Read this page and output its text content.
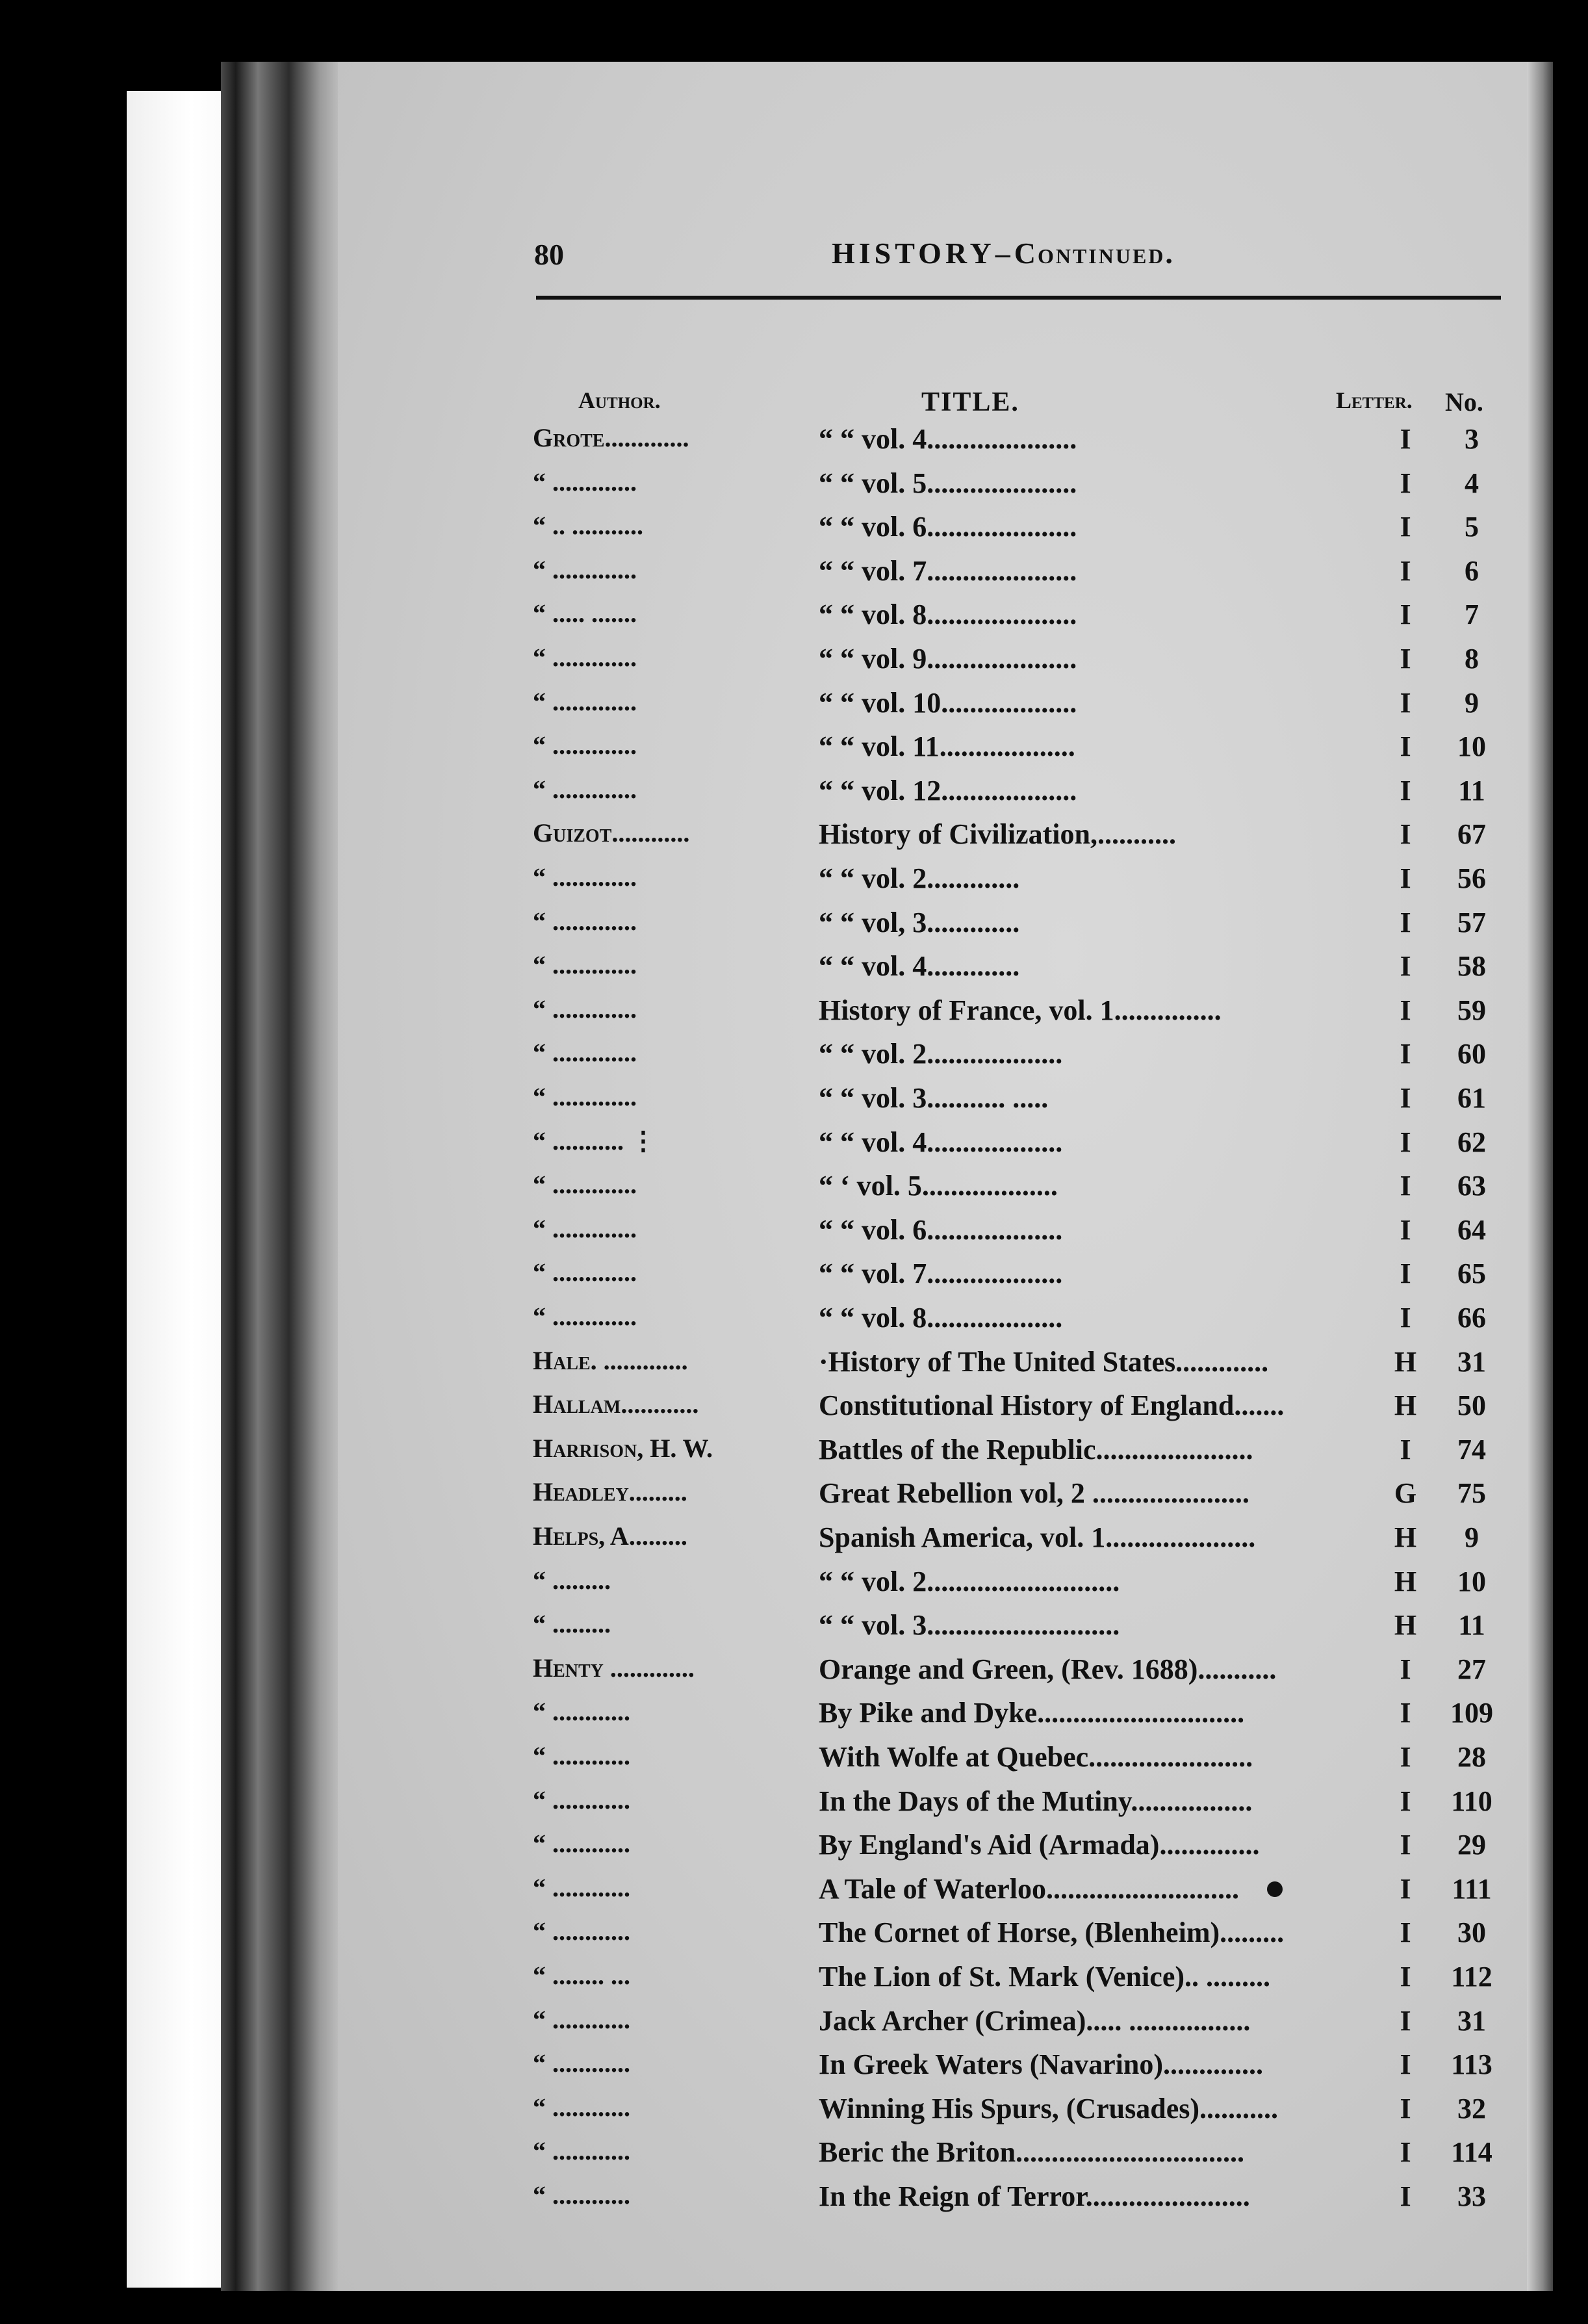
80	HISTORY–Continued.
Author.	TITLE.	Letter. No.
Grote.............	“ “ vol. 4.....................	I	3
“ .............	“ “ vol. 5.....................	I	4
“ .. ...........	“ “ vol. 6.....................	I	5
“ .............	“ “ vol. 7.....................	I	6
“ ..... .......	“ “ vol. 8.....................	I	7
“ .............	“ “ vol. 9.....................	I	8
“ .............	“ “ vol. 10...................	I	9
“ .............	“ “ vol. 11...................	I	10
“ .............	“ “ vol. 12...................	I	11
Guizot............	History of Civilization,...........	I	67
“ .............	“ “ vol. 2.............	I	56
“ .............	“ “ vol, 3.............	I	57
“ .............	“ “ vol. 4.............	I	58
“ .............	History of France, vol. 1...............	I	59
“ .............	“ “ vol. 2...................	I	60
“ .............	“ “ vol. 3........... .....	I	61
“ ........... ⋮	“ “ vol. 4...................	I	62
“ .............	“ ‘ vol. 5...................	I	63
“ .............	“ “ vol. 6...................	I	64
“ .............	“ “ vol. 7...................	I	65
“ .............	“ “ vol. 8...................	I	66
Hale. .............	·History of The United States.............	H	31
Hallam............	Constitutional History of England.......	H	50
Harrison, H. W.	Battles of the Republic......................	I	74
Headley.........	Great Rebellion vol, 2 ......................	G	75
Helps, A.........	Spanish America, vol. 1.....................	H	9
“ .........	“ “ vol. 2...........................	H	10
“ .........	“ “ vol. 3...........................	H	11
Henty .............	Orange and Green, (Rev. 1688)...........	I	27
“ ............	By Pike and Dyke.............................	I	109
“ ............	With Wolfe at Quebec.......................	I	28
“ ............	In the Days of the Mutiny.................	I	110
“ ............	By England's Aid (Armada)..............	I	29
“ ............	A Tale of Waterloo...........................	I	111
“ ............	The Cornet of Horse, (Blenheim).........	I	30
“ ........ ...	The Lion of St. Mark (Venice).. .........	I	112
“ ............	Jack Archer (Crimea)..... .................	I	31
“ ............	In Greek Waters (Navarino)..............	I	113
“ ............	Winning His Spurs, (Crusades)...........	I	32
“ ............	Beric the Briton................................	I	114
“ ............	In the Reign of Terror.......................	I	33
